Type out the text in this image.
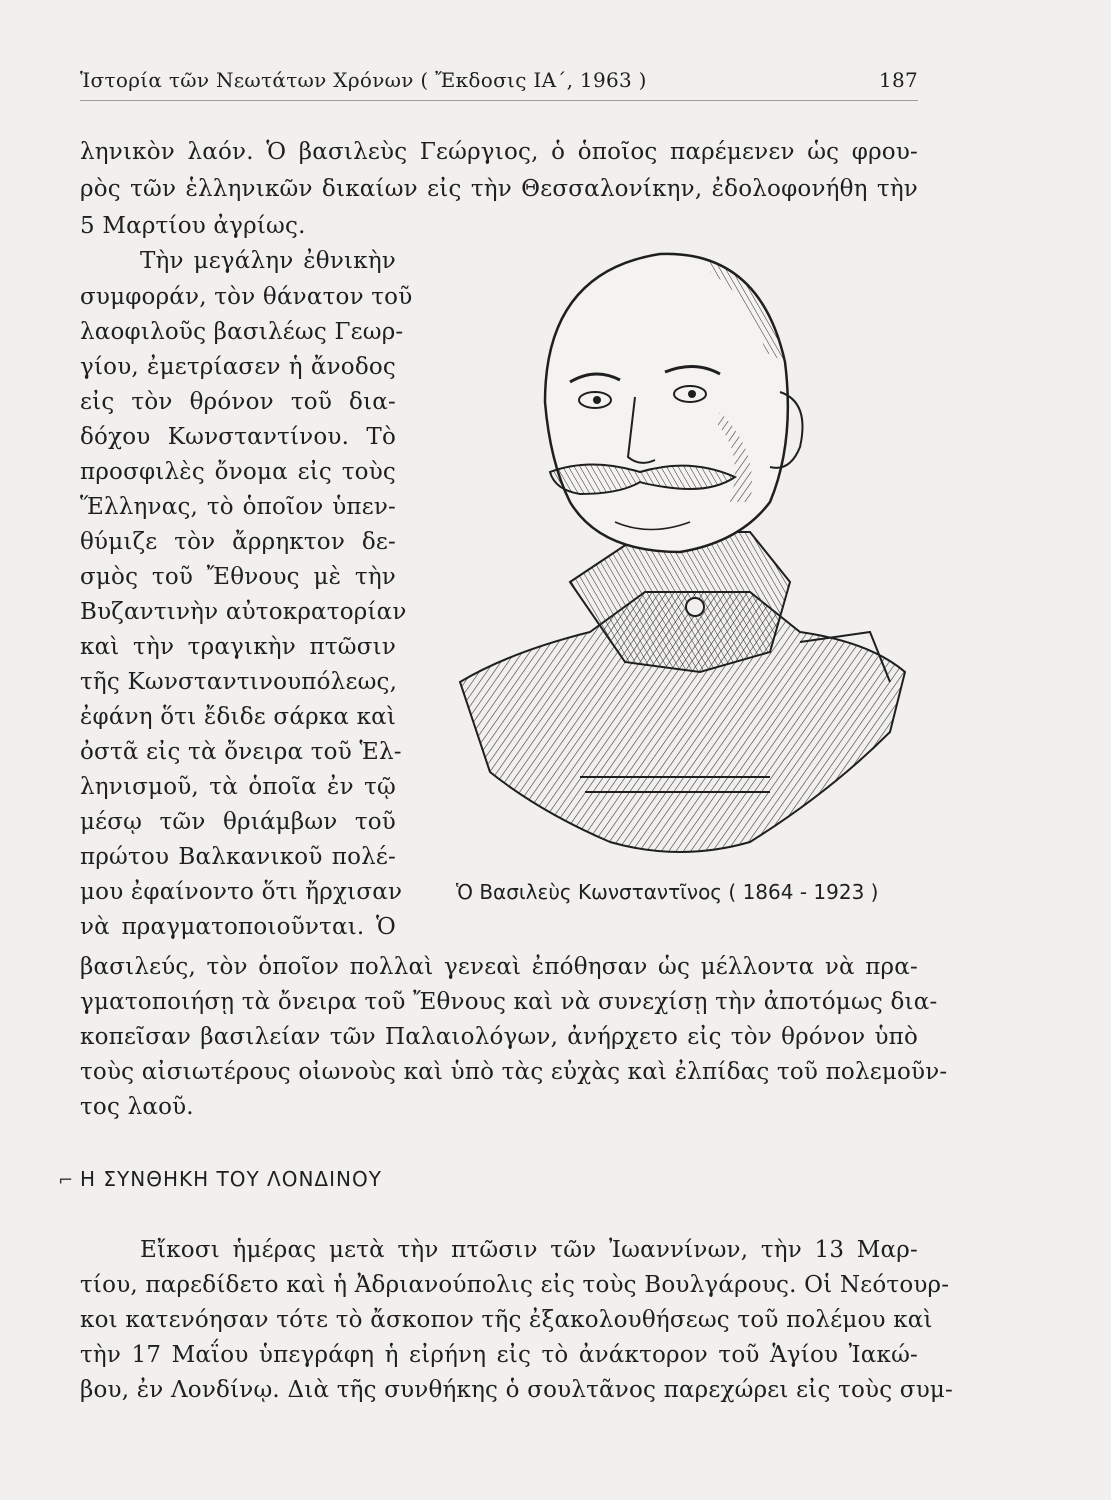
Ἱστορία τῶν Νεωτάτων Χρόνων ( Ἔκδοσις ΙΑ΄, 1963 )	187
ληνικὸν λαόν. Ὁ βασιλεὺς Γεώργιος, ὁ ὁποῖος παρέμενεν ὡς φρου-
ρὸς τῶν ἑλληνικῶν δικαίων εἰς τὴν Θεσσαλονίκην, ἐδολοφονήθη τὴν
5 Μαρτίου ἀγρίως.
Τὴν μεγάλην ἐθνικὴν
συμφοράν, τὸν θάνατον τοῦ
λαοφιλοῦς βασιλέως Γεωρ-
γίου, ἐμετρίασεν ἡ ἄνοδος
εἰς τὸν θρόνον τοῦ δια-
δόχου Κωνσταντίνου. Τὸ
προσφιλὲς ὄνομα εἰς τοὺς
Ἕλληνας, τὸ ὁποῖον ὑπεν-
θύμιζε τὸν ἄρρηκτον δε-
σμὸς τοῦ Ἔθνους μὲ τὴν
Βυζαντινὴν αὐτοκρατορίαν
καὶ τὴν τραγικὴν πτῶσιν
τῆς Κωνσταντινουπόλεως,
ἐφάνη ὅτι ἔδιδε σάρκα καὶ
ὀστᾶ εἰς τὰ ὄνειρα τοῦ Ἑλ-
ληνισμοῦ, τὰ ὁποῖα ἐν τῷ
μέσῳ τῶν θριάμβων τοῦ
πρώτου Βαλκανικοῦ πολέ-
μου ἐφαίνοντο ὅτι ἤρχισαν
νὰ πραγματοποιοῦνται. Ὁ
Ὁ Βασιλεὺς Κωνσταντῖνος ( 1864 - 1923 )
βασιλεύς, τὸν ὁποῖον πολλαὶ γενεαὶ ἐπόθησαν ὡς μέλλοντα νὰ πρα-
γματοποιήσῃ τὰ ὄνειρα τοῦ Ἔθνους καὶ νὰ συνεχίσῃ τὴν ἀποτόμως δια-
κοπεῖσαν βασιλείαν τῶν Παλαιολόγων, ἀνήρχετο εἰς τὸν θρόνον ὑπὸ
τοὺς αἰσιωτέρους οἰωνοὺς καὶ ὑπὸ τὰς εὐχὰς καὶ ἐλπίδας τοῦ πολεμοῦν-
τος λαοῦ.
⌐ Η ΣΥΝΘΗΚΗ ΤΟΥ ΛΟΝΔΙΝΟΥ
Εἴκοσι ἡμέρας μετὰ τὴν πτῶσιν τῶν Ἰωαννίνων, τὴν 13 Μαρ-
τίου, παρεδίδετο καὶ ἡ Ἀδριανούπολις εἰς τοὺς Βουλγάρους. Οἱ Νεότουρ-
κοι κατενόησαν τότε τὸ ἄσκοπον τῆς ἐξακολουθήσεως τοῦ πολέμου καὶ
τὴν 17 Μαΐου ὑπεγράφη ἡ εἰρήνη εἰς τὸ ἀνάκτορον τοῦ Ἁγίου Ἰακώ-
βου, ἐν Λονδίνῳ. Διὰ τῆς συνθήκης ὁ σουλτᾶνος παρεχώρει εἰς τοὺς συμ-
